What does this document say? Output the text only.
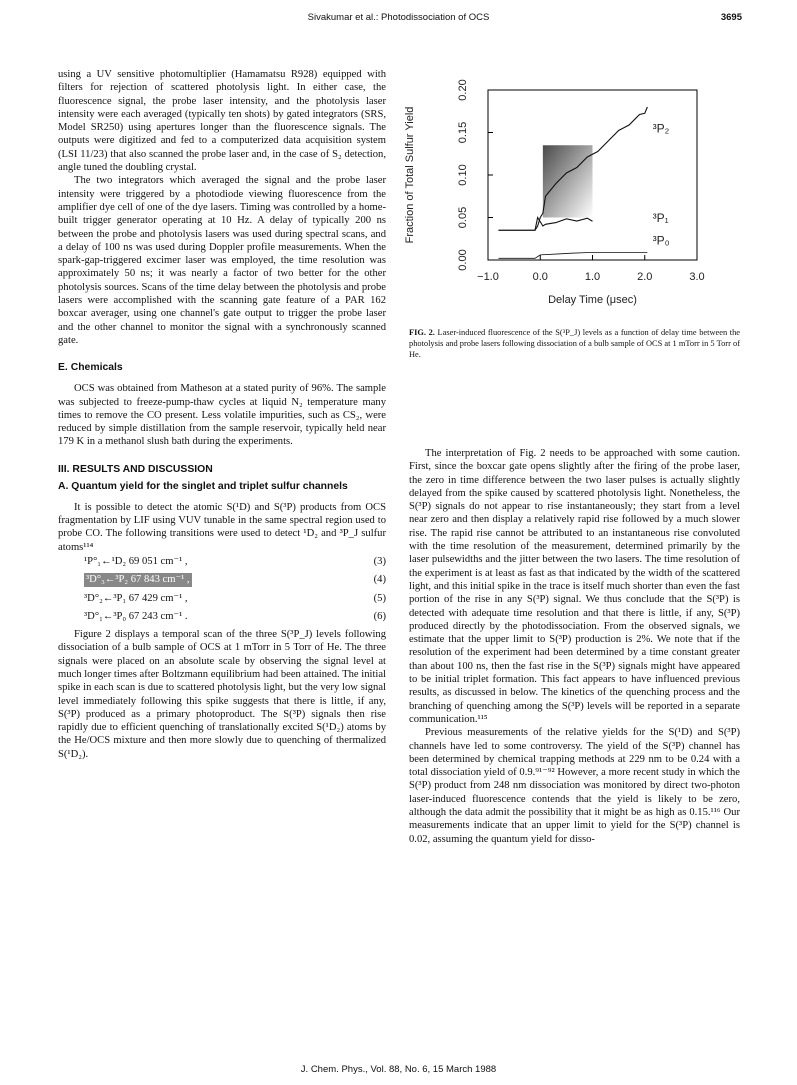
Sivakumar et al.: Photodissociation of OCS	3695

using a UV sensitive photomultiplier (Hamamatsu R928) equipped with filters for rejection of scattered photolysis light. In either case, the fluorescence signal, the probe laser intensity, and the photolysis laser intensity were each averaged (typically ten shots) by gated integrators (SRS, Model SR250) using apertures longer than the fluorescence signals. The outputs were digitized and fed to a computerized data acquisition system (LSI 11/23) that also scanned the probe laser and, in the case of S₂ detection, angle tuned the doubling crystal.

The two integrators which averaged the signal and the probe laser intensity were triggered by a photodiode viewing fluorescence from the amplifier dye cell of one of the dye lasers. Timing was controlled by a home-built trigger generator operating at 10 Hz. A delay of typically 200 ns between the probe and photolysis lasers was used during spectral scans, and a delay of 100 ns was used during Doppler profile measurements. When the spark-gap-triggered excimer laser was employed, the time resolution was approximately 50 ns; it was nearly a factor of two better for the other photolysis sources. Scans of the time delay between the photolysis and probe lasers were accomplished with the scanning gate feature of a PAR 162 boxcar averager, using one channel's gate output to trigger the probe laser and the other channel to monitor the signal with a synchronously scanned gate.

E. Chemicals

OCS was obtained from Matheson at a stated purity of 96%. The sample was subjected to freeze-pump-thaw cycles at liquid N₂ temperature many times to remove the CO present. Less volatile impurities, such as CS₂, were reduced by simple distillation from the sample reservoir, typically held near 179 K in a methanol slush bath during the experiments.

III. RESULTS AND DISCUSSION
A. Quantum yield for the singlet and triplet sulfur channels

It is possible to detect the atomic S(¹D) and S(³P) products from OCS fragmentation by LIF using VUV tunable in the same spectral region used to probe CO. The following transitions were used to detect ¹D₂ and ³P_J sulfur atoms¹¹⁴

¹P°₁←¹D₂ 69 051 cm⁻¹ ,	(3)
³D°₃←³P₂ 67 843 cm⁻¹ ,	(4)
³D°₂←³P₁ 67 429 cm⁻¹ ,	(5)
³D°₁←³P₀ 67 243 cm⁻¹ .	(6)

Figure 2 displays a temporal scan of the three S(³P_J) levels following dissociation of a bulb sample of OCS at 1 mTorr in 5 Torr of He. The three signals were placed on an absolute scale by observing the signal level at much longer times after Boltzmann equilibrium had been attained. The initial spike in each scan is due to scattered photolysis light, but the very low signal level immediately following this spike suggests that there is little, if any, S(³P) produced as a primary photoproduct. The S(³P) signals then rise rapidly due to efficient quenching of translationally excited S(¹D₂) atoms by the He/OCS mixture and then more slowly due to quenching of thermalized S(¹D₂).

0.00
0.05
0.10
0.15
0.20
−1.0	0.0	1.0	2.0	3.0
Delay Time (μsec)
Fraction of Total Sulfur Yield	³P₂
³P₁
³P₀
FIG. 2. Laser-induced fluorescence of the S(³P_J) levels as a function of delay time between the photolysis and probe lasers following dissociation of a bulb sample of OCS at 1 mTorr in 5 Torr of He.

The interpretation of Fig. 2 needs to be approached with some caution. First, since the boxcar gate opens slightly after the firing of the probe laser, the zero in time difference between the two laser pulses is actually slightly delayed from the spike caused by scattered photolysis light. Nonetheless, the S(³P) signals do not appear to rise instantaneously; they start from a level near zero and then display a relatively rapid rise followed by a much slower rise. The rapid rise cannot be attributed to an instantaneous rise convoluted with the time resolution of the measurement, determined primarily by the laser pulsewidths and the jitter between the two lasers. The time resolution of the experiment is at least as fast as that indicated by the width of the scattered light, and this initial spike in the trace is itself much shorter than even the fast portion of the rise in any S(³P) signal. We thus conclude that the S(³P) is detected with adequate time resolution and that there is little, if any, S(³P) produced directly by the photodissociation. From the observed signals, we estimate that the upper limit to S(³P) production is 2%. We note that if the resolution of the experiment had been determined by a time constant greater than about 100 ns, then the fast rise in the S(³P) signals might have appeared to be initial triplet formation. This fact appears to have influenced previous results, as discussed in below. The kinetics of the quenching process and the branching of quenching among the S(³P) levels will be reported in a separate communication.¹¹⁵

Previous measurements of the relative yields for the S(¹D) and S(³P) channels have led to some controversy. The yield of the S(³P) channel has been determined by chemical trapping methods at 229 nm to be 0.24 with a total dissociation yield of 0.9.⁹¹⁻⁹² However, a more recent study in which the S(³P) product from 248 nm dissociation was monitored by direct two-photon laser-induced fluorescence contends that the yield is likely to be zero, although the data admit the possibility that it might be as high as 0.15.¹¹⁶ Our measurements indicate that an upper limit to yield for the S(³P) channel is 0.02, assuming the quantum yield for disso-

J. Chem. Phys., Vol. 88, No. 6, 15 March 1988
